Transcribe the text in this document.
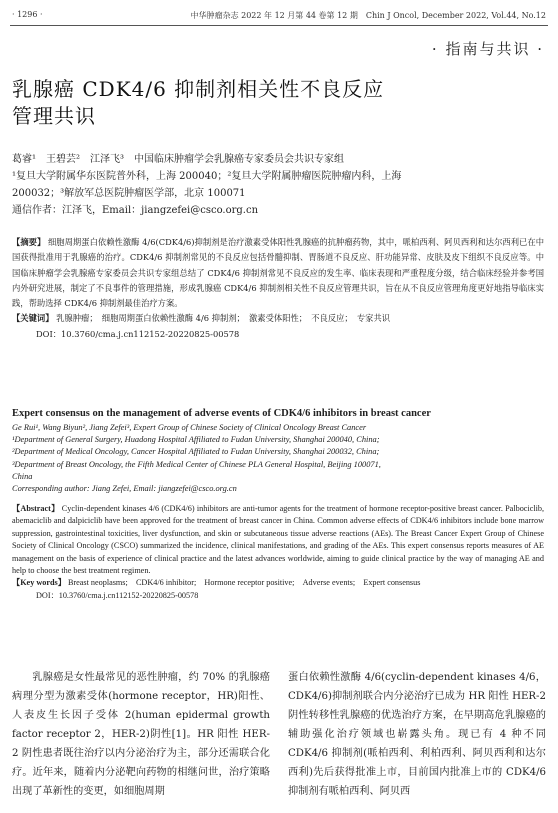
· 1296 ·	中华肿瘤杂志 2022 年 12 月第 44 卷第 12 期　Chin J Oncol, December 2022, Vol.44, No.12
· 指南与共识 ·
乳腺癌 CDK4/6 抑制剂相关性不良反应
管理共识
葛睿¹　王碧芸²　江泽飞³　中国临床肿瘤学会乳腺癌专家委员会共识专家组
¹复旦大学附属华东医院普外科，上海 200040；²复旦大学附属肿瘤医院肿瘤内科，上海
200032；³解放军总医院肿瘤医学部，北京 100071
通信作者：江泽飞，Email：jiangzefei@csco.org.cn
【摘要】 细胞周期蛋白依赖性激酶 4/6(CDK4/6)抑制剂是治疗激素受体阳性乳腺癌的抗肿瘤药物，其中，哌柏西利、阿贝西利和达尔西利已在中国获得批准用于乳腺癌的治疗。CDK4/6 抑制剂常见的不良反应包括骨髓抑制、胃肠道不良反应、肝功能异常、皮肤及皮下组织不良反应等。中国临床肿瘤学会乳腺癌专家委员会共识专家组总结了 CDK4/6 抑制剂常见不良反应的发生率、临床表现和严重程度分级，结合临床经验并参考国内外研究进展，制定了不良事件的管理措施，形成乳腺癌 CDK4/6 抑制剂相关性不良反应管理共识，旨在从不良反应管理角度更好地指导临床实践，帮助选择 CDK4/6 抑制剂最佳治疗方案。
【关键词】 乳腺肿瘤；　细胞周期蛋白依赖性激酶 4/6 抑制剂；　激素受体阳性；　不良反应；　专家共识
DOI：10.3760/cma.j.cn112152-20220825-00578
Expert consensus on the management of adverse events of CDK4/6 inhibitors in breast cancer
Ge Rui¹, Wang Biyun², Jiang Zefei³, Expert Group of Chinese Society of Clinical Oncology Breast Cancer
¹Department of General Surgery, Huadong Hospital Affiliated to Fudan University, Shanghai 200040, China;
²Department of Medical Oncology, Cancer Hospital Affiliated to Fudan University, Shanghai 200032, China;
³Department of Breast Oncology, the Fifth Medical Center of Chinese PLA General Hospital, Beijing 100071,
China
Corresponding author: Jiang Zefei, Email: jiangzefei@csco.org.cn
【Abstract】 Cyclin-dependent kinases 4/6 (CDK4/6) inhibitors are anti-tumor agents for the treatment of hormone receptor-positive breast cancer. Palbociclib, abemaciclib and dalpiciclib have been approved for the treatment of breast cancer in China. Common adverse effects of CDK4/6 inhibitors include bone marrow suppression, gastrointestinal toxicities, liver dysfunction, and skin or subcutaneous tissue adverse reactions (AEs). The Breast Cancer Expert Group of Chinese Society of Clinical Oncology (CSCO) summarized the incidence, clinical manifestations, and grading of the AEs. This expert consensus reports measures of AE management on the basis of experience of clinical practice and the latest advances worldwide, aiming to guide clinical practice by the way of managing AE and help to choose the best treatment regimen.
【Key words】 Breast neoplasms;　CDK4/6 inhibitor;　Hormone receptor positive;　Adverse events;　Expert consensus
DOI：10.3760/cma.j.cn112152-20220825-00578

乳腺癌是女性最常见的恶性肿瘤，约 70% 的乳腺癌病理分型为激素受体(hormone receptor，HR)阳性、人表皮生长因子受体 2(human epidermal growth factor receptor 2，HER-2)阴性[1]。HR 阳性 HER-2 阴性患者既往治疗以内分泌治疗为主，部分还需联合化疗。近年来，随着内分泌靶向药物的相继问世，治疗策略出现了革新性的变更，如细胞周期

蛋白依赖性激酶 4/6(cyclin-dependent kinases 4/6，CDK4/6)抑制剂联合内分泌治疗已成为 HR 阳性 HER-2 阴性转移性乳腺癌的优选治疗方案，在早期高危乳腺癌的辅助强化治疗领域也崭露头角。现已有 4 种不同 CDK4/6 抑制剂(哌柏西利、利柏西利、阿贝西利和达尔西利)先后获得批准上市，目前国内批准上市的 CDK4/6 抑制剂有哌柏西利、阿贝西
